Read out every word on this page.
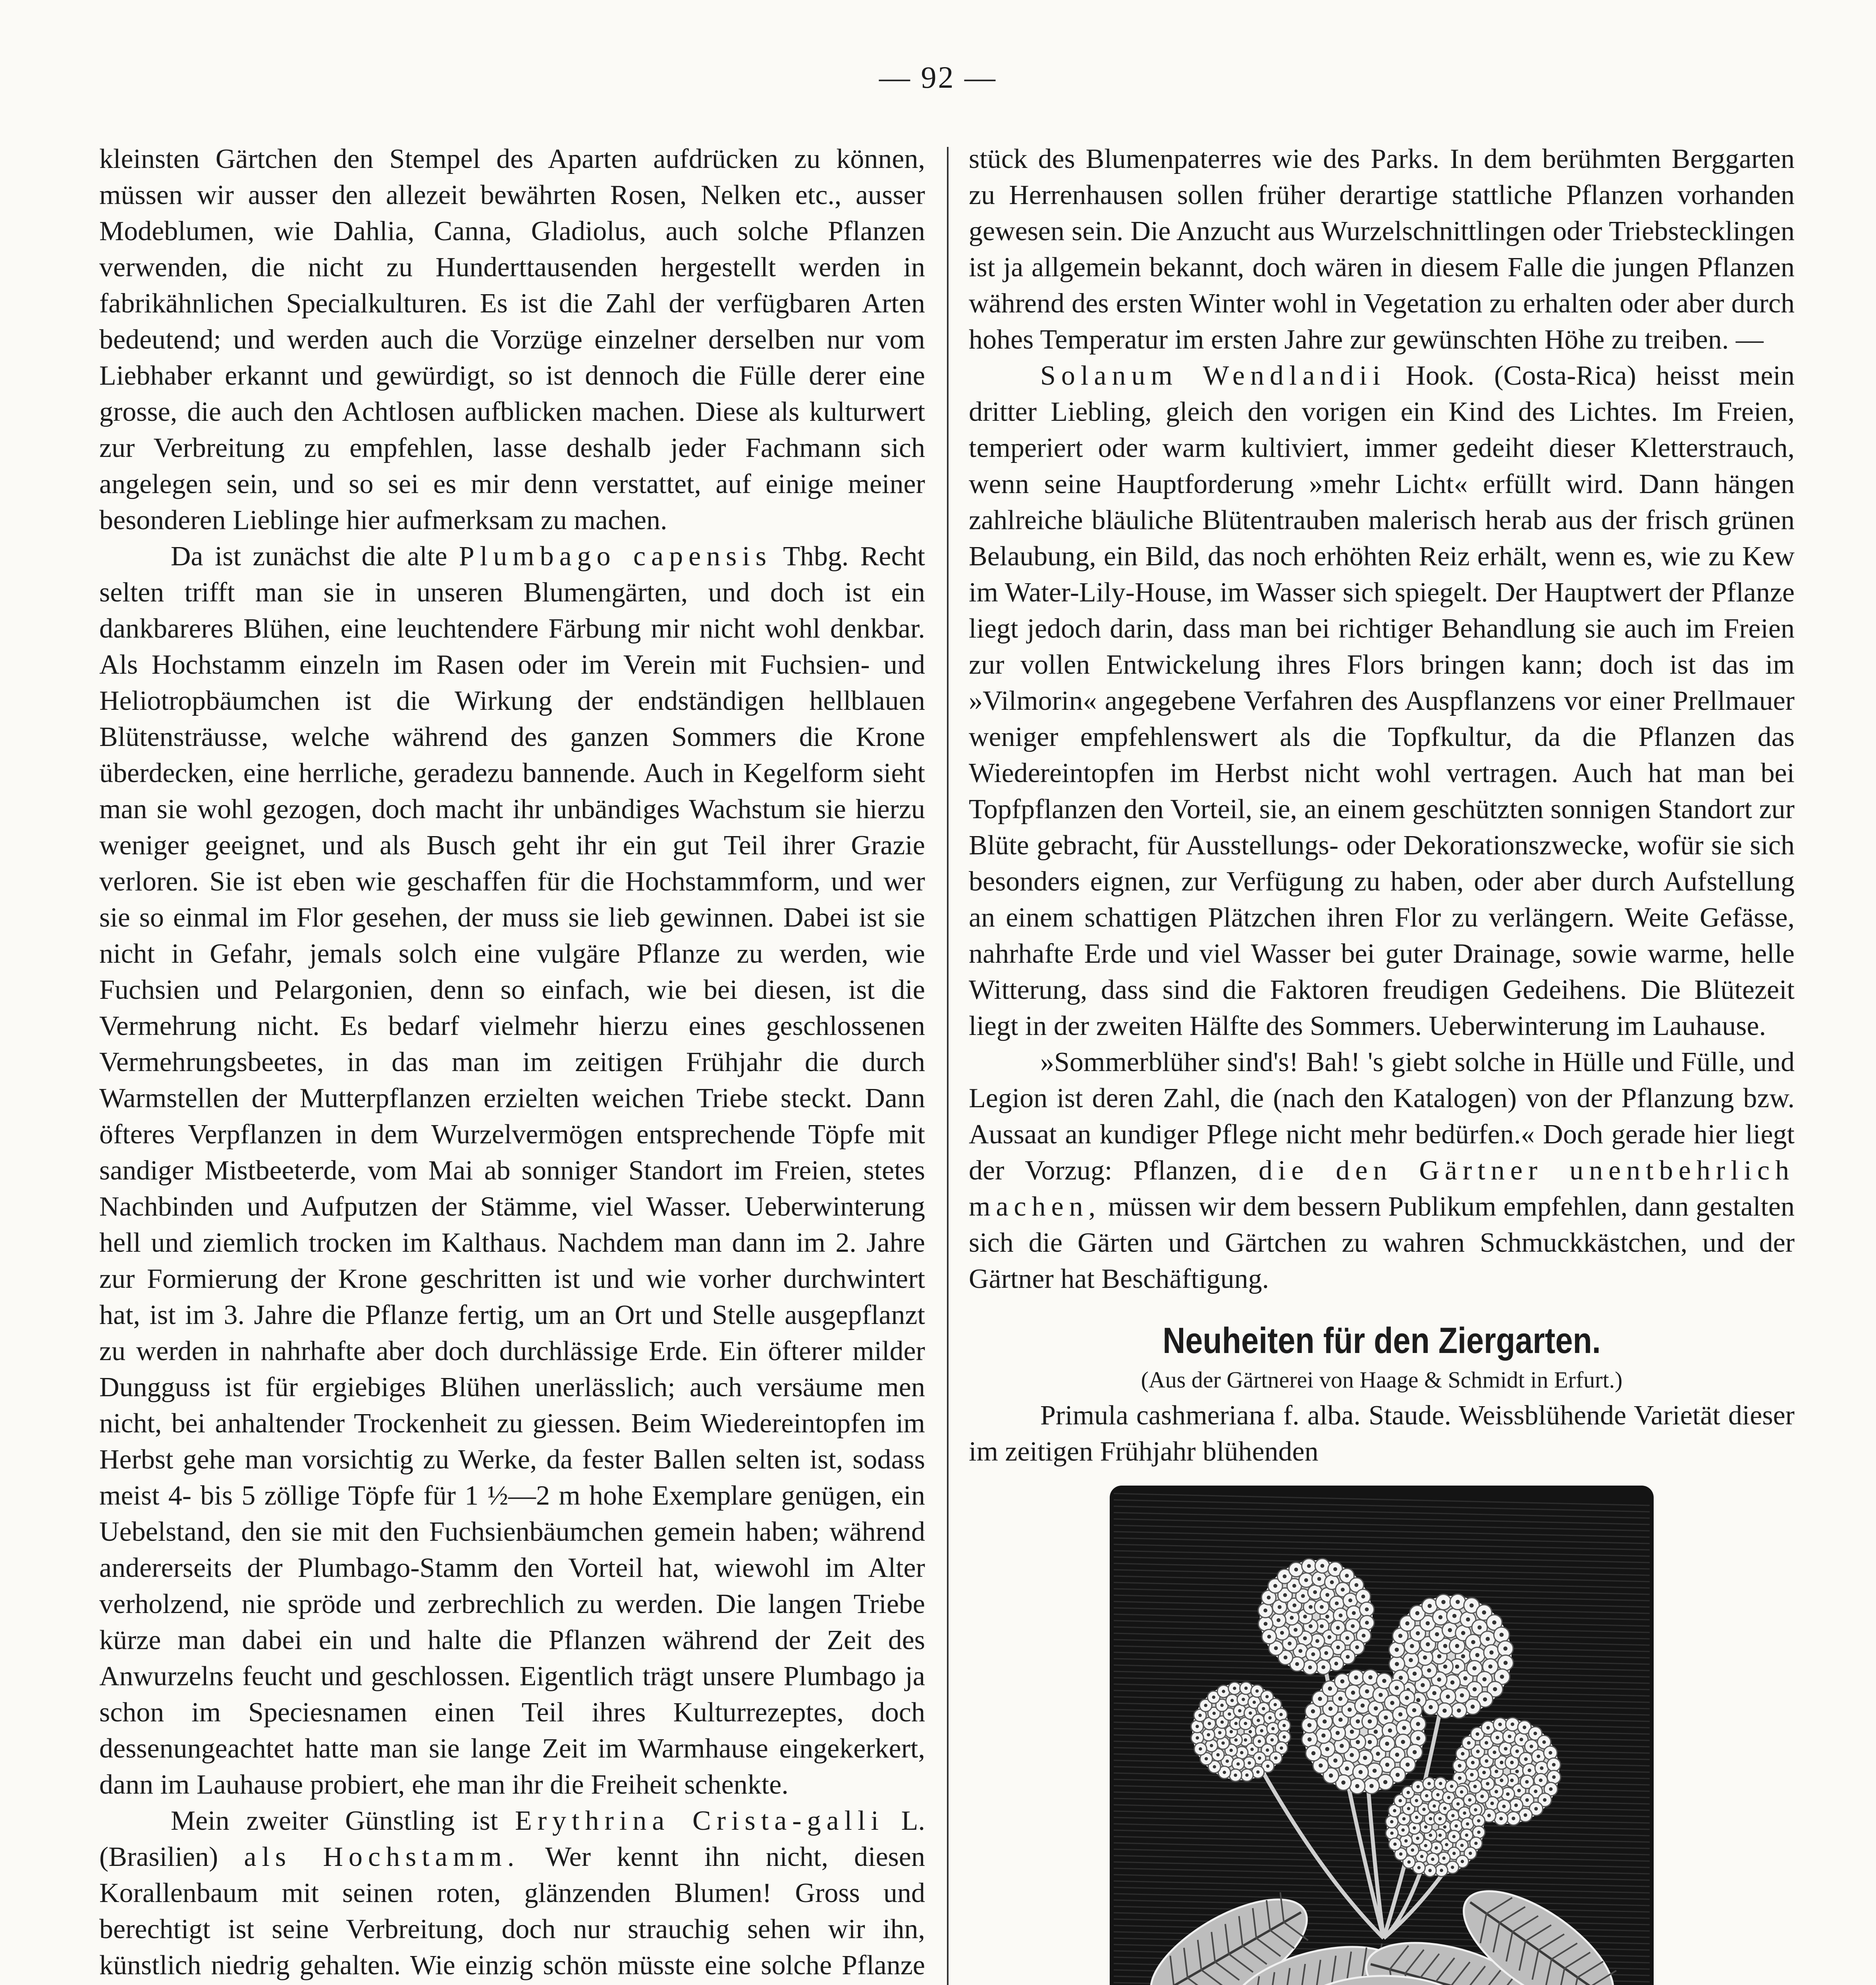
— 92 —

kleinsten Gärtchen den Stempel des Aparten aufdrücken zu können, müssen wir ausser den allezeit bewährten Rosen, Nelken etc., ausser Modeblumen, wie Dahlia, Canna, Gladiolus, auch solche Pflanzen verwenden, die nicht zu Hunderttausenden hergestellt werden in fabrikähnlichen Specialkulturen. Es ist die Zahl der verfügbaren Arten bedeutend; und werden auch die Vorzüge einzelner derselben nur vom Liebhaber erkannt und gewürdigt, so ist dennoch die Fülle derer eine grosse, die auch den Achtlosen aufblicken machen. Diese als kulturwert zur Verbreitung zu empfehlen, lasse deshalb jeder Fachmann sich angelegen sein, und so sei es mir denn verstattet, auf einige meiner besonderen Lieblinge hier aufmerksam zu machen.

Da ist zunächst die alte Plumbago capensis Thbg. Recht selten trifft man sie in unseren Blumengärten, und doch ist ein dankbareres Blühen, eine leuchtendere Färbung mir nicht wohl denkbar. Als Hochstamm einzeln im Rasen oder im Verein mit Fuchsien- und Heliotropbäumchen ist die Wirkung der endständigen hellblauen Blütensträusse, welche während des ganzen Sommers die Krone überdecken, eine herrliche, geradezu bannende. Auch in Kegelform sieht man sie wohl gezogen, doch macht ihr unbändiges Wachstum sie hierzu weniger geeignet, und als Busch geht ihr ein gut Teil ihrer Grazie verloren. Sie ist eben wie geschaffen für die Hochstammform, und wer sie so einmal im Flor gesehen, der muss sie lieb gewinnen. Dabei ist sie nicht in Gefahr, jemals solch eine vulgäre Pflanze zu werden, wie Fuchsien und Pelargonien, denn so einfach, wie bei diesen, ist die Vermehrung nicht. Es bedarf vielmehr hierzu eines geschlossenen Vermehrungsbeetes, in das man im zeitigen Frühjahr die durch Warmstellen der Mutterpflanzen erzielten weichen Triebe steckt. Dann öfteres Verpflanzen in dem Wurzelvermögen entsprechende Töpfe mit sandiger Mistbeeterde, vom Mai ab sonniger Standort im Freien, stetes Nachbinden und Aufputzen der Stämme, viel Wasser. Ueberwinterung hell und ziemlich trocken im Kalthaus. Nachdem man dann im 2. Jahre zur Formierung der Krone geschritten ist und wie vorher durchwintert hat, ist im 3. Jahre die Pflanze fertig, um an Ort und Stelle ausgepflanzt zu werden in nahrhafte aber doch durchlässige Erde. Ein öfterer milder Dungguss ist für ergiebiges Blühen unerlässlich; auch versäume men nicht, bei anhaltender Trockenheit zu giessen. Beim Wiedereintopfen im Herbst gehe man vorsichtig zu Werke, da fester Ballen selten ist, sodass meist 4- bis 5 zöllige Töpfe für 1 ½—2 m hohe Exemplare genügen, ein Uebelstand, den sie mit den Fuchsienbäumchen gemein haben; während andererseits der Plumbago-Stamm den Vorteil hat, wiewohl im Alter verholzend, nie spröde und zerbrechlich zu werden. Die langen Triebe kürze man dabei ein und halte die Pflanzen während der Zeit des Anwurzelns feucht und geschlossen. Eigentlich trägt unsere Plumbago ja schon im Speciesnamen einen Teil ihres Kulturrezeptes, doch dessenungeachtet hatte man sie lange Zeit im Warmhause eingekerkert, dann im Lauhause probiert, ehe man ihr die Freiheit schenkte.

Mein zweiter Günstling ist Erythrina Crista-galli L. (Brasilien) als Hochstamm. Wer kennt ihn nicht, diesen Korallenbaum mit seinen roten, glänzenden Blumen! Gross und berechtigt ist seine Verbreitung, doch nur strauchig sehen wir ihn, künstlich niedrig gehalten. Wie einzig schön müsste eine solche Pflanze

stück des Blumenpaterres wie des Parks. In dem berühmten Berggarten zu Herrenhausen sollen früher derartige stattliche Pflanzen vorhanden gewesen sein. Die Anzucht aus Wurzelschnittlingen oder Triebstecklingen ist ja allgemein bekannt, doch wären in diesem Falle die jungen Pflanzen während des ersten Winter wohl in Vegetation zu erhalten oder aber durch hohes Temperatur im ersten Jahre zur gewünschten Höhe zu treiben. —

Solanum Wendlandii Hook. (Costa-Rica) heisst mein dritter Liebling, gleich den vorigen ein Kind des Lichtes. Im Freien, temperiert oder warm kultiviert, immer gedeiht dieser Kletterstrauch, wenn seine Hauptforderung »mehr Licht« erfüllt wird. Dann hängen zahlreiche bläuliche Blütentrauben malerisch herab aus der frisch grünen Belaubung, ein Bild, das noch erhöhten Reiz erhält, wenn es, wie zu Kew im Water-Lily-House, im Wasser sich spiegelt. Der Hauptwert der Pflanze liegt jedoch darin, dass man bei richtiger Behandlung sie auch im Freien zur vollen Entwickelung ihres Flors bringen kann; doch ist das im »Vilmorin« angegebene Verfahren des Auspflanzens vor einer Prellmauer weniger empfehlenswert als die Topfkultur, da die Pflanzen das Wiedereintopfen im Herbst nicht wohl vertragen. Auch hat man bei Topfpflanzen den Vorteil, sie, an einem geschützten sonnigen Standort zur Blüte gebracht, für Ausstellungs- oder Dekorationszwecke, wofür sie sich besonders eignen, zur Verfügung zu haben, oder aber durch Aufstellung an einem schattigen Plätzchen ihren Flor zu verlängern. Weite Gefässe, nahrhafte Erde und viel Wasser bei guter Drainage, sowie warme, helle Witterung, dass sind die Faktoren freudigen Gedeihens. Die Blütezeit liegt in der zweiten Hälfte des Sommers. Ueberwinterung im Lauhause.

»Sommerblüher sind's! Bah! 's giebt solche in Hülle und Fülle, und Legion ist deren Zahl, die (nach den Katalogen) von der Pflanzung bzw. Aussaat an kundiger Pflege nicht mehr bedürfen.« Doch gerade hier liegt der Vorzug: Pflanzen, die den Gärtner unentbehrlich machen, müssen wir dem bessern Publikum empfehlen, dann gestalten sich die Gärten und Gärtchen zu wahren Schmuckkästchen, und der Gärtner hat Beschäftigung.

Neuheiten für den Ziergarten.
(Aus der Gärtnerei von Haage & Schmidt in Erfurt.)

Primula cashmeriana f. alba. Staude. Weissblühende Varietät dieser im zeitigen Frühjahr blühenden
